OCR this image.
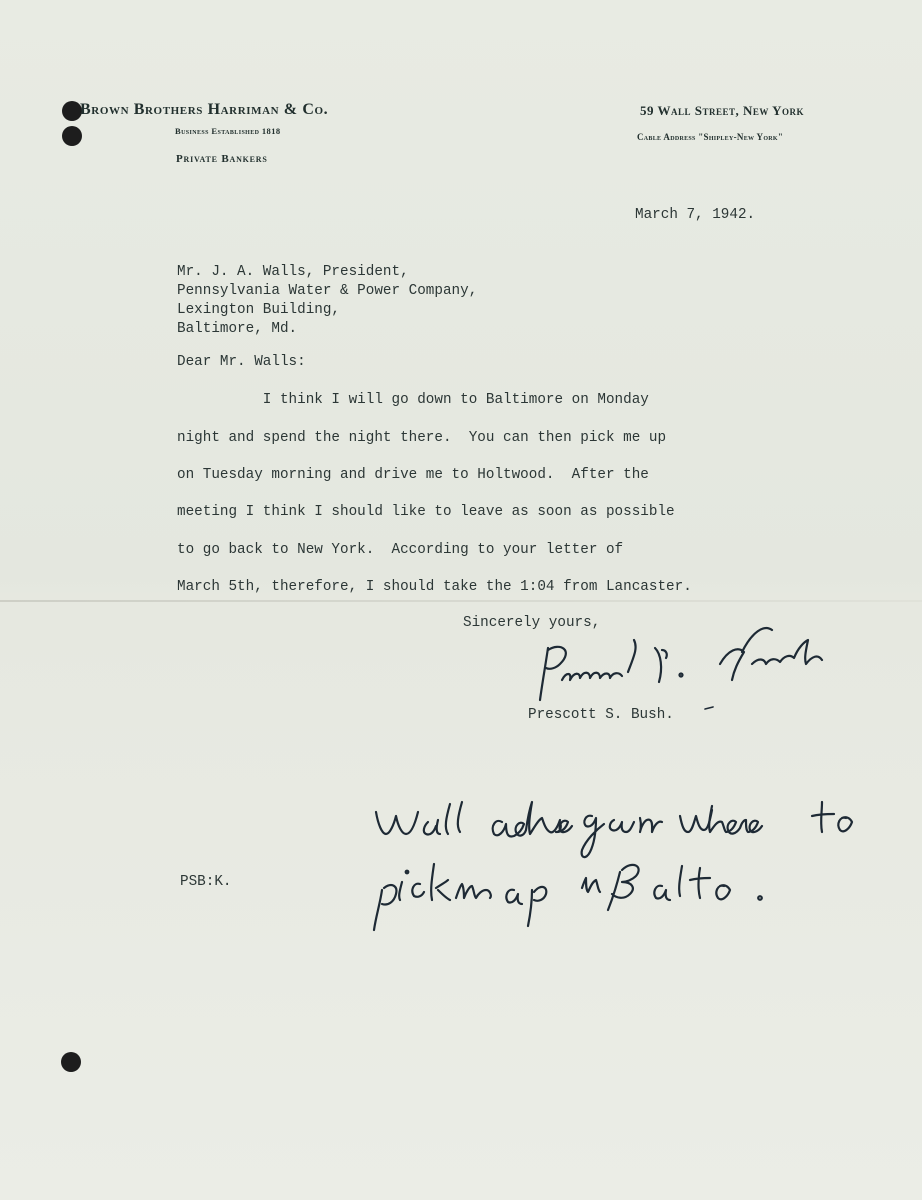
Brown Brothers Harriman & Co.
Business Established 1818
Private Bankers
59 Wall Street, New York
Cable Address "Shipley-New York"
March 7, 1942.
Mr. J. A. Walls, President,
Pennsylvania Water & Power Company,
Lexington Building,
Baltimore, Md.
Dear Mr. Walls:
I think I will go down to Baltimore on Monday
night and spend the night there.  You can then pick me up
on Tuesday morning and drive me to Holtwood.  After the
meeting I think I should like to leave as soon as possible
to go back to New York.  According to your letter of
March 5th, therefore, I should take the 1:04 from Lancaster.
Sincerely yours,
Prescott S. Bush.
PSB:K.
